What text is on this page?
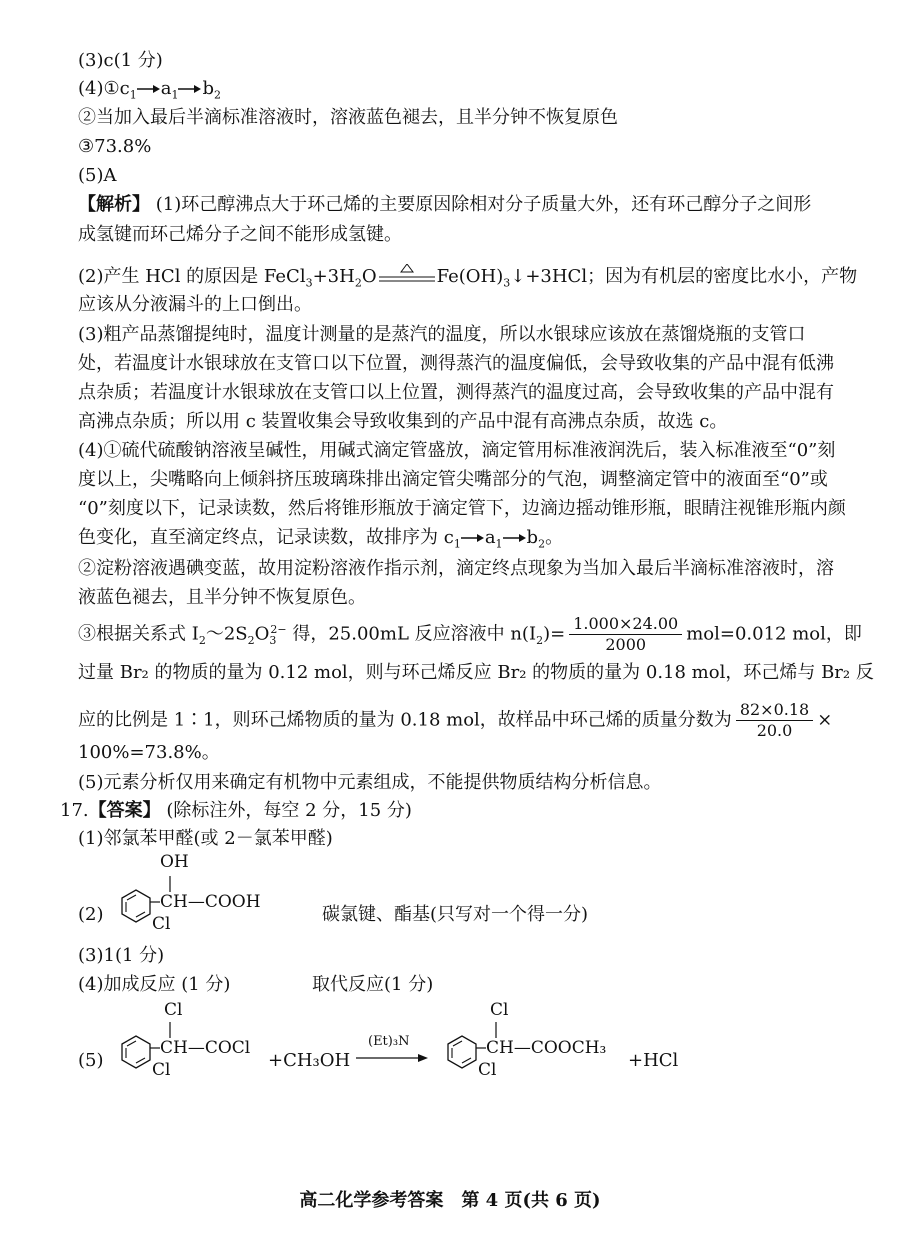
(3)c(1 分)
$(4)①c_1$ $a_1$ $b_2$
②当加入最后半滴标准溶液时，溶液蓝色褪去，且半分钟不恢复原色
③73.8%
(5)A
【解析】 (1)环己醇沸点大于环己烯的主要原因除相对分子质量大外，还有环己醇分子之间形
成氢键而环己烯分子之间不能形成氢键。
(2)产生 HCl 的原因是 $FeCl_3+3H_2O$	$Fe(OH)_3↓+3HCl$；因为有机层的密度比水小，产物
应该从分液漏斗的上口倒出。
(3)粗产品蒸馏提纯时，温度计测量的是蒸汽的温度，所以水银球应该放在蒸馏烧瓶的支管口
处，若温度计水银球放在支管口以下位置，测得蒸汽的温度偏低，会导致收集的产品中混有低沸
点杂质；若温度计水银球放在支管口以上位置，测得蒸汽的温度过高，会导致收集的产品中混有
高沸点杂质；所以用 c 装置收集会导致收集到的产品中混有高沸点杂质，故选 c。
(4)①硫代硫酸钠溶液呈碱性，用碱式滴定管盛放，滴定管用标准液润洗后，装入标准液至“0”刻
度以上，尖嘴略向上倾斜挤压玻璃珠排出滴定管尖嘴部分的气泡，调整滴定管中的液面至“0”或
“0”刻度以下，记录读数，然后将锥形瓶放于滴定管下，边滴边摇动锥形瓶，眼睛注视锥形瓶内颜
色变化，直至滴定终点，记录读数，故排序为 $c_1$ $a_1$ $b_2$。
②淀粉溶液遇碘变蓝，故用淀粉溶液作指示剂，滴定终点现象为当加入最后半滴标准溶液时，溶
液蓝色褪去，且半分钟不恢复原色。
③根据关系式 $I_2\sim 2S_2O_3^{2-}$ 得，25.00mL 反应溶液中 $n(I_2)= \frac{1.000\times 24.00}{2000} mol=0.012$ mol，即
过量 Br₂ 的物质的量为 0.12 mol，则与环己烯反应 Br₂ 的物质的量为 0.18 mol，环己烯与 Br₂ 反
应的比例是 1∶1，则环己烯物质的量为 0.18 mol，故样品中环己烯的质量分数为 $\frac{82\times 0.18}{20.0}$ ×
100%=73.8%。
(5)元素分析仅用来确定有机物中元素组成，不能提供物质结构分析信息。
17.【答案】 (除标注外，每空 2 分，15 分)
(1)邻氯苯甲醛(或 2－氯苯甲醛)
(2)
OH
CH—COOH
Cl	碳氯键、酯基(只写对一个得一分)
(3)1(1 分)
(4)加成反应 (1 分)	取代反应(1 分)
(5)
Cl
CH—COCl
Cl	+CH₃OH
(Et)₃N
Cl
CH—COOCH₃
Cl	+HCl
高二化学参考答案　第 4 页(共 6 页)
